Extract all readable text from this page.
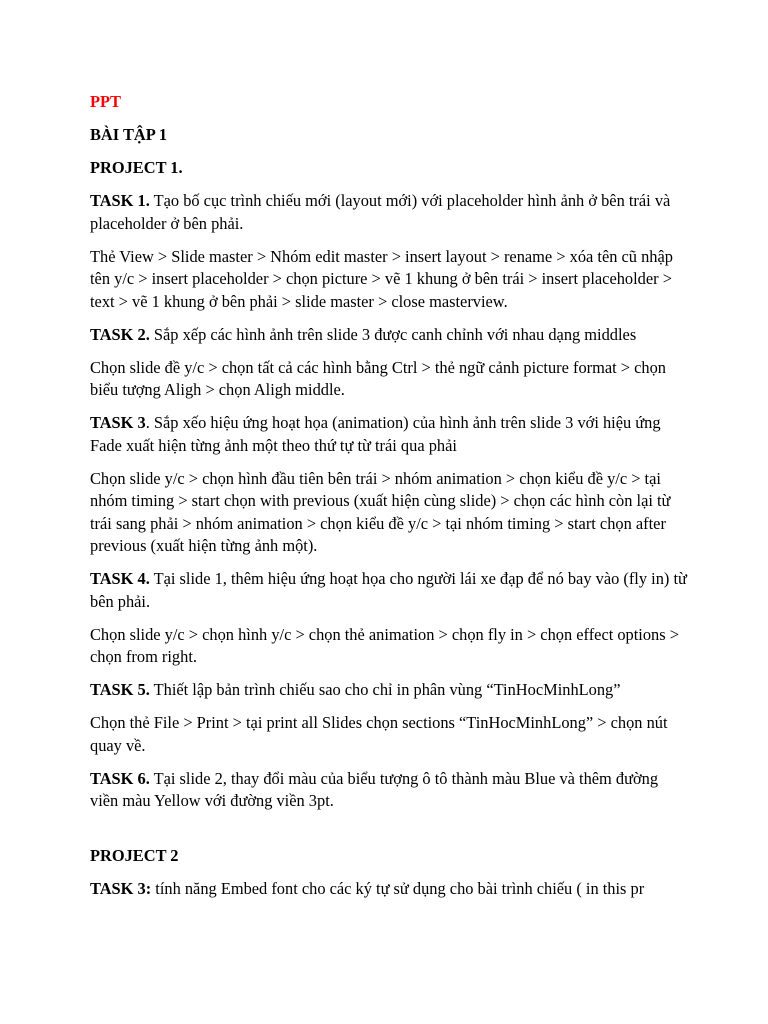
PPT

BÀI TẬP 1

PROJECT 1.

TASK 1. Tạo bố cục trình chiếu mới (layout mới) với placeholder hình ảnh ở bên trái và placeholder ở bên phải.

Thẻ View > Slide master > Nhóm edit master > insert layout > rename > xóa tên cũ nhập tên y/c > insert placeholder > chọn picture > vẽ 1 khung ở bên trái > insert placeholder > text > vẽ 1 khung ở bên phải > slide master > close masterview.

TASK 2. Sắp xếp các hình ảnh trên slide 3 được canh chỉnh với nhau dạng middles

Chọn slide đề y/c > chọn tất cả các hình bằng Ctrl > thẻ ngữ cảnh picture format > chọn biểu tượng Aligh > chọn Aligh middle.

TASK 3. Sắp xếo hiệu ứng hoạt họa (animation) của hình ảnh trên slide 3 với hiệu ứng Fade xuất hiện từng ảnh một theo thứ tự từ trái qua phải

Chọn slide y/c > chọn hình đầu tiên bên trái > nhóm animation > chọn kiểu đề y/c > tại nhóm timing > start chọn with previous (xuất hiện cùng slide) > chọn các hình còn lại từ trái sang phải > nhóm animation > chọn kiểu đề y/c > tại nhóm timing > start chọn after previous (xuất hiện từng ảnh một).

TASK 4. Tại slide 1, thêm hiệu ứng hoạt họa cho người lái xe đạp để nó bay vào (fly in) từ bên phải.

Chọn slide y/c > chọn hình y/c > chọn thẻ animation > chọn fly in > chọn effect options > chọn from right.

TASK 5. Thiết lập bản trình chiếu sao cho chỉ in phân vùng “TinHocMinhLong”

Chọn thẻ File > Print > tại print all Slides chọn sections “TinHocMinhLong” > chọn nút quay về.

TASK 6. Tại slide 2, thay đổi màu của biểu tượng ô tô thành màu Blue và thêm đường viền màu Yellow với đường viền 3pt.

PROJECT 2

TASK 3: tính năng Embed font cho các ký tự sử dụng cho bài trình chiếu ( in this pr
